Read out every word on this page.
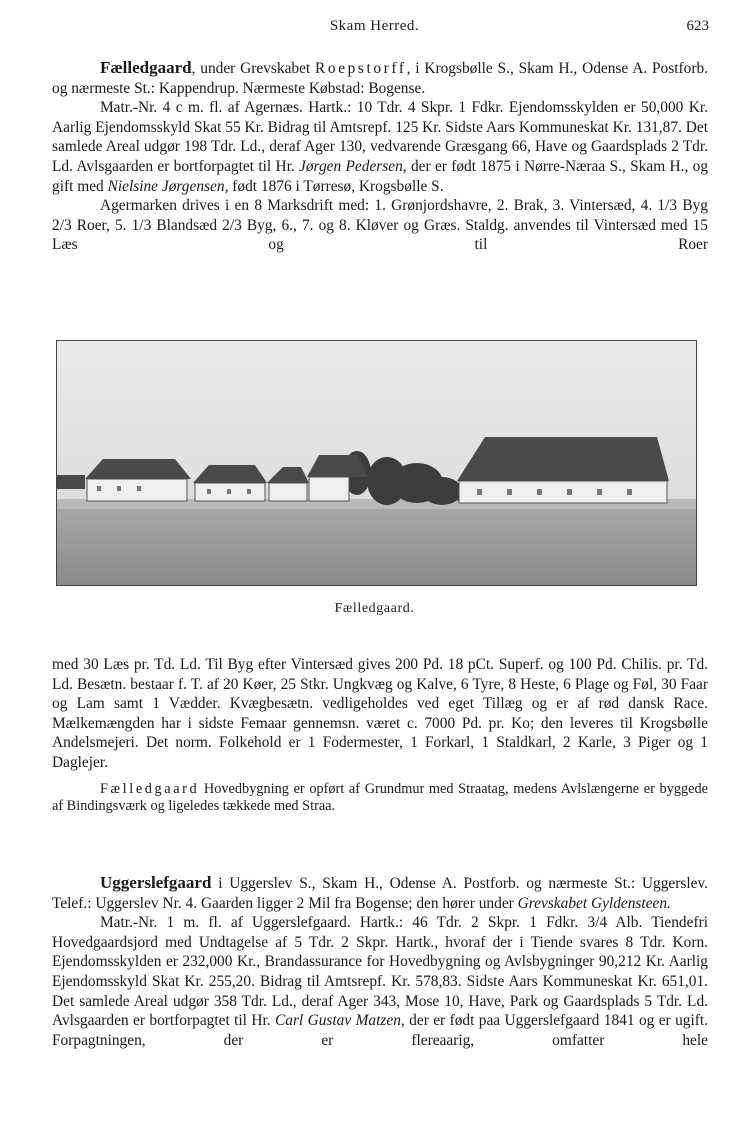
Skam Herred.	623

Fælledgaard, under Grevskabet Roepstorff, i Krogsbølle S., Skam H., Odense A. Postforb. og nærmeste St.: Kappendrup. Nærmeste Købstad: Bogense.

Matr.-Nr. 4 c m. fl. af Agernæs. Hartk.: 10 Tdr. 4 Skpr. 1 Fdkr. Ejendomsskylden er 50,000 Kr. Aarlig Ejendomsskyld Skat 55 Kr. Bidrag til Amtsrepf. 125 Kr. Sidste Aars Kommuneskat Kr. 131,87. Det samlede Areal udgør 198 Tdr. Ld., deraf Ager 130, vedvarende Græsgang 66, Have og Gaardsplads 2 Tdr. Ld. Avlsgaarden er bortforpagtet til Hr. Jørgen Pedersen, der er født 1875 i Nørre-Næraa S., Skam H., og gift med Nielsine Jørgensen, født 1876 i Tørresø, Krogsbølle S.

Agermarken drives i en 8 Marksdrift med: 1. Grønjordshavre, 2. Brak, 3. Vintersæd, 4. 1/3 Byg 2/3 Roer, 5. 1/3 Blandsæd 2/3 Byg, 6., 7. og 8. Kløver og Græs. Staldg. anvendes til Vintersæd med 15 Læs og til Roer

Fælledgaard.

med 30 Læs pr. Td. Ld. Til Byg efter Vintersæd gives 200 Pd. 18 pCt. Superf. og 100 Pd. Chilis. pr. Td. Ld. Besætn. bestaar f. T. af 20 Køer, 25 Stkr. Ungkvæg og Kalve, 6 Tyre, 8 Heste, 6 Plage og Føl, 30 Faar og Lam samt 1 Vædder. Kvægbesætn. vedligeholdes ved eget Tillæg og er af rød dansk Race. Mælkemængden har i sidste Femaar gennemsn. været c. 7000 Pd. pr. Ko; den leveres til Krogsbølle Andelsmejeri. Det norm. Folkehold er 1 Fodermester, 1 Forkarl, 1 Staldkarl, 2 Karle, 3 Piger og 1 Daglejer.

Fælledgaard Hovedbygning er opført af Grundmur med Straatag, medens Avlslængerne er byggede af Bindingsværk og ligeledes tækkede med Straa.

Uggerslefgaard i Uggerslev S., Skam H., Odense A. Postforb. og nærmeste St.: Uggerslev. Telef.: Uggerslev Nr. 4. Gaarden ligger 2 Mil fra Bogense; den hører under Grevskabet Gyldensteen.

Matr.-Nr. 1 m. fl. af Uggerslefgaard. Hartk.: 46 Tdr. 2 Skpr. 1 Fdkr. 3/4 Alb. Tiendefri Hovedgaardsjord med Undtagelse af 5 Tdr. 2 Skpr. Hartk., hvoraf der i Tiende svares 8 Tdr. Korn. Ejendomsskylden er 232,000 Kr., Brandassurance for Hovedbygning og Avlsbygninger 90,212 Kr. Aarlig Ejendomsskyld Skat Kr. 255,20. Bidrag til Amtsrepf. Kr. 578,83. Sidste Aars Kommuneskat Kr. 651,01. Det samlede Areal udgør 358 Tdr. Ld., deraf Ager 343, Mose 10, Have, Park og Gaardsplads 5 Tdr. Ld. Avlsgaarden er bortforpagtet til Hr. Carl Gustav Matzen, der er født paa Uggerslefgaard 1841 og er ugift. Forpagtningen, der er flereaarig, omfatter hele
